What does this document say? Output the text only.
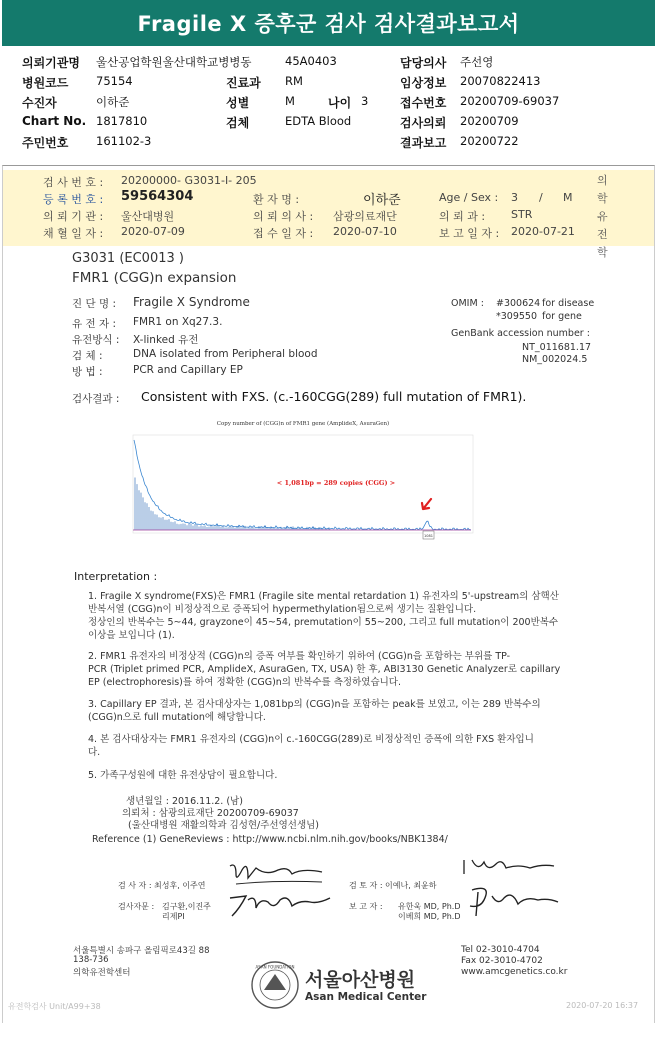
Fragile X 증후군 검사 검사결과보고서
의뢰기관명 울산공업학원울산대학교병병동	45A0403	담당의사 주선영
병원코드 75154	진료과 RM	임상정보 20070822413
수진자	이하준	성별	M	나이 3	접수번호 20200709-69037
Chart No. 1817810	검체	EDTA Blood	검사의뢰 20200709
주민번호 161102-3	결과보고 20200722
검 사 번 호 : 20200000- G3031-I- 205
등 록 번 호 : 59564304	환 자 명 :	이하준	Age / Sex : 3 / M
의 뢰 기 관 : 울산대병원	의 뢰 의 사 : 삼광의료재단	의 뢰 과 : STR
채 혈 일 자 : 2020-07-09	접 수 일 자 : 2020-07-10	보 고 일 자 : 2020-07-21
의
학
유
전
학
G3031 (EC0013 )
FMR1 (CGG)n expansion
진 단 명 : Fragile X Syndrome
유 전 자 : FMR1 on Xq27.3.
유전방식 : X-linked 유전
검 체 :	DNA isolated from Peripheral blood
방 법 :	PCR and Capillary EP
OMIM : #300624 for disease
*309550 for gene
GenBank accession number :
NT_011681.17
NM_002024.5
검사결과 : Consistent with FXS. (c.-160CGG(289) full mutation of FMR1).
Copy number of (CGG)n of FMR1 gene (AmplideX, AsuraGen)
< 1,081bp = 289 copies (CGG) >
1081

Interpretation :

1. Fragile X syndrome(FXS)은 FMR1 (Fragile site mental retardation 1) 유전자의 5'-upstream의 삼핵산

반복서열 (CGG)n이 비정상적으로 증폭되어 hypermethylation됨으로써 생기는 질환입니다.

정상인의 반복수는 5~44, grayzone이 45~54, premutation이 55~200, 그리고 full mutation이 200반복수

이상을 보입니다 (1).

2. FMR1 유전자의 비정상적 (CGG)n의 증폭 여부를 확인하기 위하여 (CGG)n을 포함하는 부위를 TP-

PCR (Triplet primed PCR, AmplideX, AsuraGen, TX, USA) 한 후, ABI3130 Genetic Analyzer로 capillary

EP (electrophoresis)를 하여 정확한 (CGG)n의 반복수를 측정하였습니다.

3. Capillary EP 결과, 본 검사대상자는 1,081bp의 (CGG)n을 포함하는 peak를 보였고, 이는 289 반복수의

(CGG)n으로 full mutation에 해당합니다.

4. 본 검사대상자는 FMR1 유전자의 (CGG)n이 c.-160CGG(289)로 비정상적인 증폭에 의한 FXS 환자입니

다.

5. 가족구성원에 대한 유전상담이 필요합니다.

생년월일 : 2016.11.2. (남)

의뢰처 : 삼광의료재단 20200709-69037

(울산대병원 재활의학과 김성현/주선영선생님)

Reference (1) GeneReviews : http://www.ncbi.nlm.nih.gov/books/NBK1384/

검 사 자 : 최성후, 이주연	검 토 자 : 이예나, 최윤하
검사자문 : 김구환,이진주
리제PI
보 고 자 : 유한욱 MD, Ph.D
이베희 MD, Ph.D
서울특별시 송파구 올림픽로43길 88
138-736
의학유전학센터
ASAN FOUNDATION
서울아산병원
Asan Medical Center
Tel 02-3010-4704
Fax 02-3010-4702
www.amcgenetics.co.kr
유전학검사 Unit/A99+38	2020-07-20 16:37
